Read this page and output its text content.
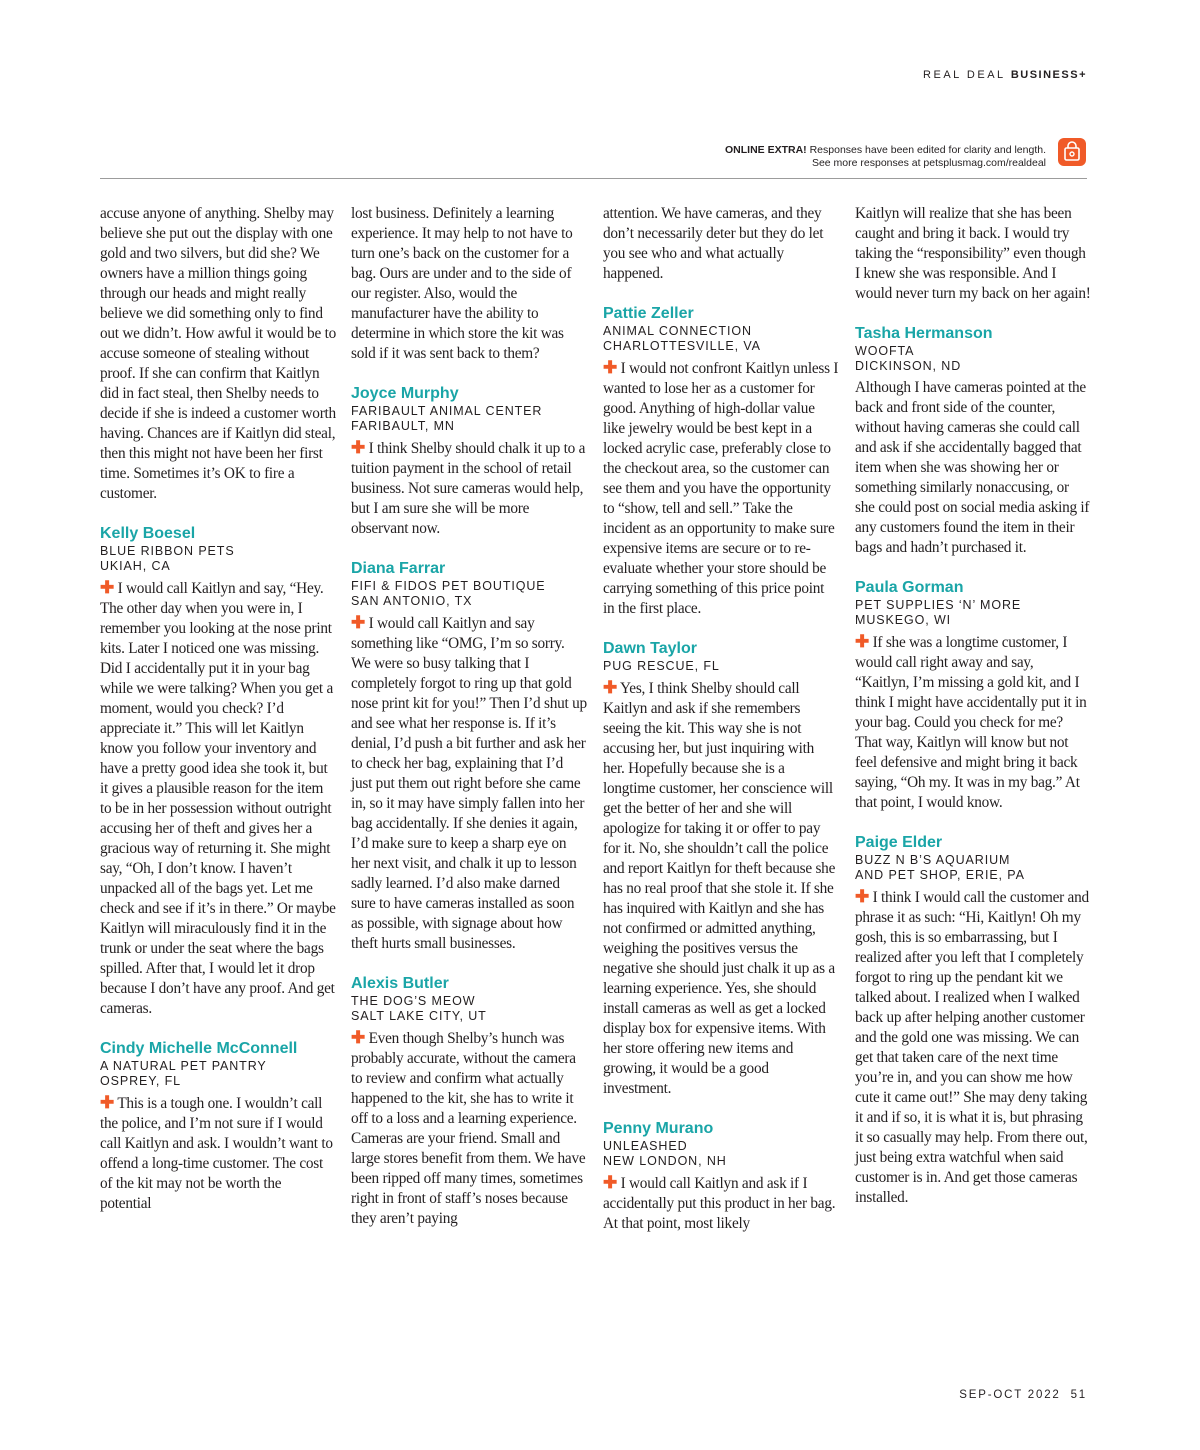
REAL DEAL BUSINESS+
ONLINE EXTRA! Responses have been edited for clarity and length.
See more responses at petsplusmag.com/realdeal

accuse anyone of anything. Shelby may believe she put out the display with one gold and two silvers, but did she? We owners have a million things going through our heads and might really believe we did something only to find out we didn’t. How awful it would be to accuse someone of stealing without proof. If she can confirm that Kaitlyn did in fact steal, then Shelby needs to decide if she is indeed a customer worth having. Chances are if Kaitlyn did steal, then this might not have been her first time. Sometimes it’s OK to fire a customer.

Kelly Boesel

BLUE RIBBON PETS
UKIAH, CA

✚ I would call Kaitlyn and say, “Hey. The other day when you were in, I remember you looking at the nose print kits. Later I noticed one was missing. Did I accidentally put it in your bag while we were talking? When you get a moment, would you check? I’d appreciate it.” This will let Kaitlyn know you follow your inventory and have a pretty good idea she took it, but it gives a plausible reason for the item to be in her possession without outright accusing her of theft and gives her a gracious way of returning it. She might say, “Oh, I don’t know. I haven’t unpacked all of the bags yet. Let me check and see if it’s in there.” Or maybe Kaitlyn will miraculously find it in the trunk or under the seat where the bags spilled. After that, I would let it drop because I don’t have any proof. And get cameras.

Cindy Michelle McConnell

A NATURAL PET PANTRY
OSPREY, FL

✚ This is a tough one. I wouldn’t call the police, and I’m not sure if I would call Kaitlyn and ask. I wouldn’t want to offend a long-time customer. The cost of the kit may not be worth the potential

lost business. Definitely a learning experience. It may help to not have to turn one’s back on the customer for a bag. Ours are under and to the side of our register. Also, would the manufacturer have the ability to determine in which store the kit was sold if it was sent back to them?

Joyce Murphy

FARIBAULT ANIMAL CENTER
FARIBAULT, MN

✚ I think Shelby should chalk it up to a tuition payment in the school of retail business. Not sure cameras would help, but I am sure she will be more observant now.

Diana Farrar

FIFI & FIDOS PET BOUTIQUE
SAN ANTONIO, TX

✚ I would call Kaitlyn and say something like “OMG, I’m so sorry. We were so busy talking that I completely forgot to ring up that gold nose print kit for you!” Then I’d shut up and see what her response is. If it’s denial, I’d push a bit further and ask her to check her bag, explaining that I’d just put them out right before she came in, so it may have simply fallen into her bag accidentally. If she denies it again, I’d make sure to keep a sharp eye on her next visit, and chalk it up to lesson sadly learned. I’d also make darned sure to have cameras installed as soon as possible, with signage about how theft hurts small businesses.

Alexis Butler

THE DOG’S MEOW
SALT LAKE CITY, UT

✚ Even though Shelby’s hunch was probably accurate, without the camera to review and confirm what actually happened to the kit, she has to write it off to a loss and a learning experience. Cameras are your friend. Small and large stores benefit from them. We have been ripped off many times, sometimes right in front of staff’s noses because they aren’t paying

attention. We have cameras, and they don’t necessarily deter but they do let you see who and what actually happened.

Pattie Zeller

ANIMAL CONNECTION
CHARLOTTESVILLE, VA

✚ I would not confront Kaitlyn unless I wanted to lose her as a customer for good. Anything of high-dollar value like jewelry would be best kept in a locked acrylic case, preferably close to the checkout area, so the customer can see them and you have the opportunity to “show, tell and sell.” Take the incident as an opportunity to make sure expensive items are secure or to re-evaluate whether your store should be carrying something of this price point in the first place.

Dawn Taylor

PUG RESCUE, FL

✚ Yes, I think Shelby should call Kaitlyn and ask if she remembers seeing the kit. This way she is not accusing her, but just inquiring with her. Hopefully because she is a longtime customer, her conscience will get the better of her and she will apologize for taking it or offer to pay for it. No, she shouldn’t call the police and report Kaitlyn for theft because she has no real proof that she stole it. If she has inquired with Kaitlyn and she has not confirmed or admitted anything, weighing the positives versus the negative she should just chalk it up as a learning experience. Yes, she should install cameras as well as get a locked display box for expensive items. With her store offering new items and growing, it would be a good investment.

Penny Murano

UNLEASHED
NEW LONDON, NH

✚ I would call Kaitlyn and ask if I accidentally put this product in her bag. At that point, most likely

Kaitlyn will realize that she has been caught and bring it back. I would try taking the “responsibility” even though I knew she was responsible. And I would never turn my back on her again!

Tasha Hermanson

WOOFTA
DICKINSON, ND

Although I have cameras pointed at the back and front side of the counter, without having cameras she could call and ask if she accidentally bagged that item when she was showing her or something similarly nonaccusing, or she could post on social media asking if any customers found the item in their bags and hadn’t purchased it.

Paula Gorman

PET SUPPLIES ‘N’ MORE
MUSKEGO, WI

✚ If she was a longtime customer, I would call right away and say, “Kaitlyn, I’m missing a gold kit, and I think I might have accidentally put it in your bag. Could you check for me? That way, Kaitlyn will know but not feel defensive and might bring it back saying, “Oh my. It was in my bag.” At that point, I would know.

Paige Elder

BUZZ N B’S AQUARIUM
AND PET SHOP, ERIE, PA

✚ I think I would call the customer and phrase it as such: “Hi, Kaitlyn! Oh my gosh, this is so embarrassing, but I realized after you left that I completely forgot to ring up the pendant kit we talked about. I realized when I walked back up after helping another customer and the gold one was missing. We can get that taken care of the next time you’re in, and you can show me how cute it came out!” She may deny taking it and if so, it is what it is, but phrasing it so casually may help. From there out, just being extra watchful when said customer is in. And get those cameras installed.

SEP-OCT 2022 51
